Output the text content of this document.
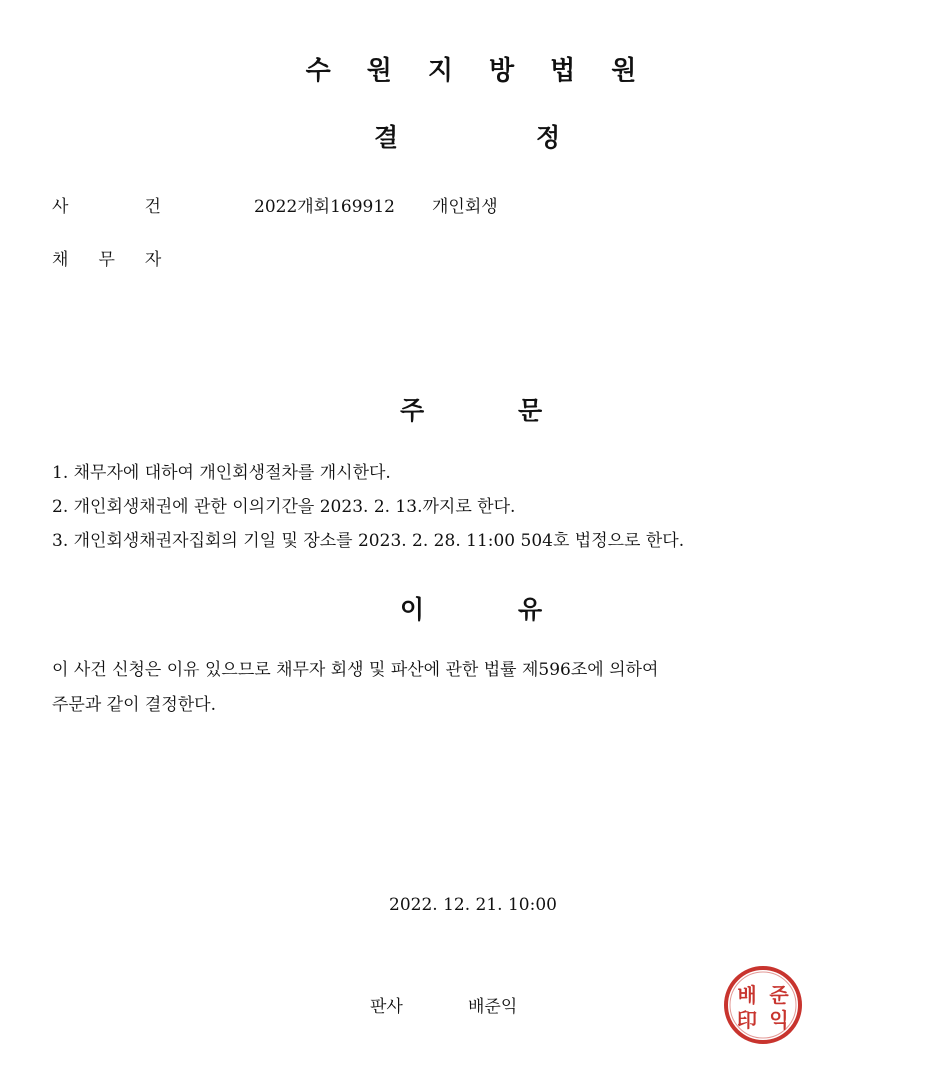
수 원 지 방 법 원
결	정
사	건	2022개회169912 개인회생
채 무 자
주	문
1. 채무자에 대하여 개인회생절차를 개시한다.
2. 개인회생채권에 관한 이의기간을 2023. 2. 13.까지로 한다.
3. 개인회생채권자집회의 기일 및 장소를 2023. 2. 28. 11:00 504호 법정으로 한다.
이	유
이 사건 신청은 이유 있으므로 채무자 회생 및 파산에 관한 법률 제596조에 의하여
주문과 같이 결정한다.
2022. 12. 21. 10:00
판사	배준익	배 준
印 익
